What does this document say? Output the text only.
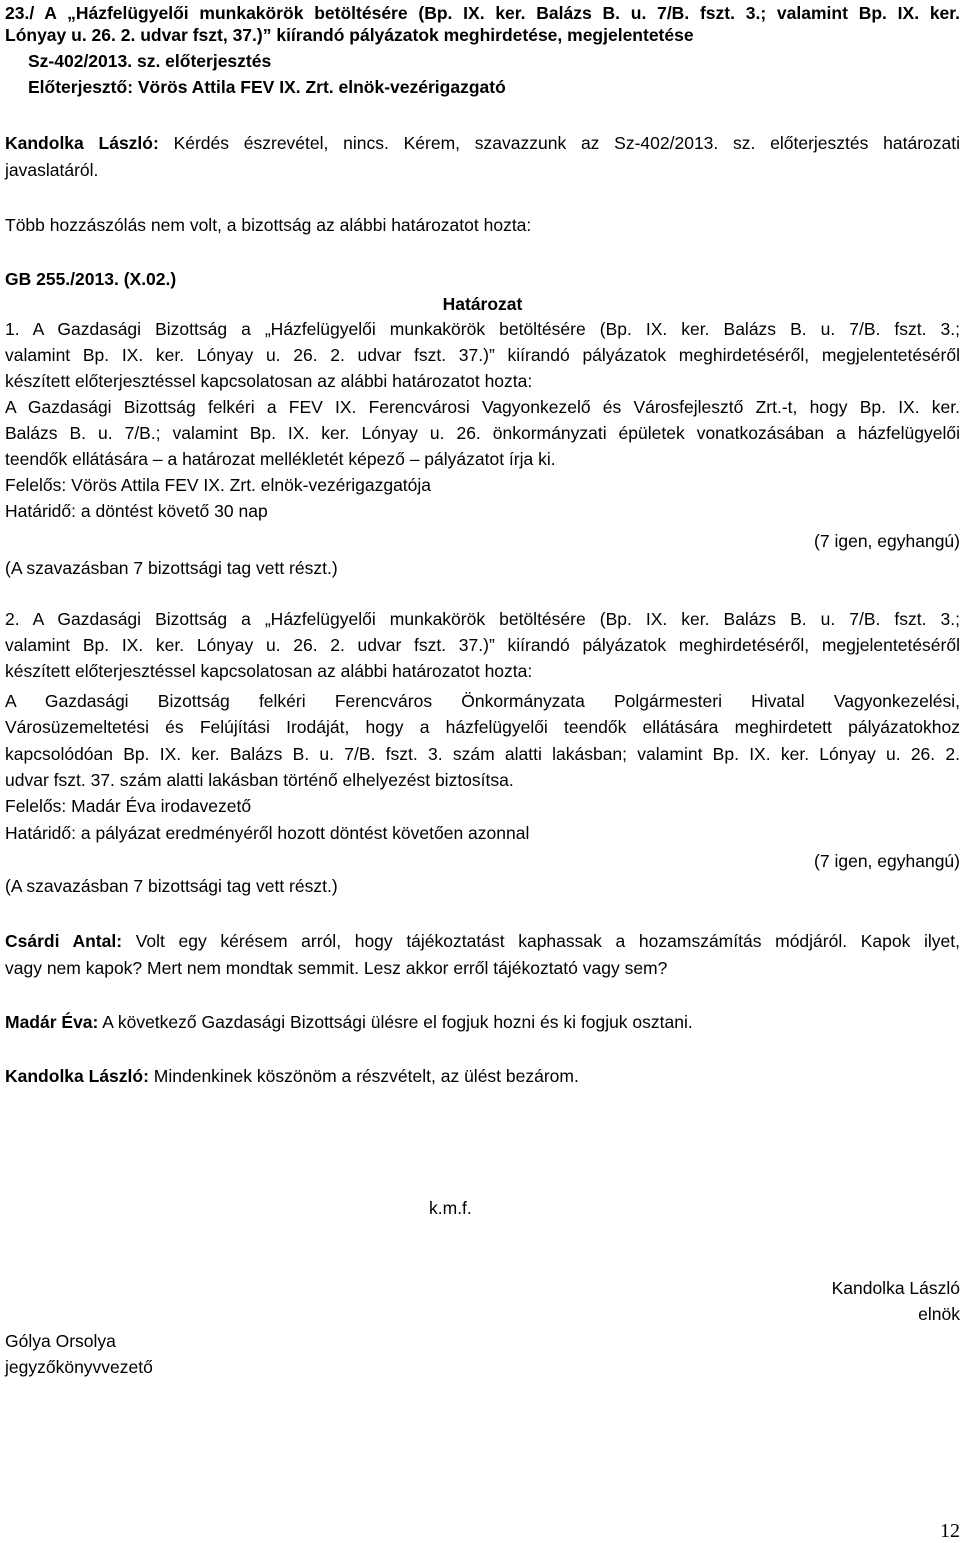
23./ A „Házfelügyelői munkakörök betöltésére (Bp. IX. ker. Balázs B. u. 7/B. fszt. 3.; valamint Bp. IX. ker.
Lónyay u. 26. 2. udvar fszt, 37.)” kiírandó pályázatok meghirdetése, megjelentetése
Sz-402/2013. sz. előterjesztés
Előterjesztő: Vörös Attila FEV IX. Zrt. elnök-vezérigazgató
Kandolka László: Kérdés észrevétel, nincs. Kérem, szavazzunk az Sz-402/2013. sz. előterjesztés határozati
javaslatáról.
Több hozzászólás nem volt, a bizottság az alábbi határozatot hozta:
GB 255./2013. (X.02.)
Határozat
1. A Gazdasági Bizottság a „Házfelügyelői munkakörök betöltésére (Bp. IX. ker. Balázs B. u. 7/B. fszt. 3.;
valamint Bp. IX. ker. Lónyay u. 26. 2. udvar fszt. 37.)” kiírandó pályázatok meghirdetéséről, megjelentetéséről
készített előterjesztéssel kapcsolatosan az alábbi határozatot hozta:
A Gazdasági Bizottság felkéri a FEV IX. Ferencvárosi Vagyonkezelő és Városfejlesztő Zrt.-t, hogy Bp. IX. ker.
Balázs B. u. 7/B.; valamint Bp. IX. ker. Lónyay u. 26. önkormányzati épületek vonatkozásában a házfelügyelői
teendők ellátására – a határozat mellékletét képező – pályázatot írja ki.
Felelős: Vörös Attila FEV IX. Zrt. elnök-vezérigazgatója
Határidő: a döntést követő 30 nap
(7 igen, egyhangú)
(A szavazásban 7 bizottsági tag vett részt.)
2. A Gazdasági Bizottság a „Házfelügyelői munkakörök betöltésére (Bp. IX. ker. Balázs B. u. 7/B. fszt. 3.;
valamint Bp. IX. ker. Lónyay u. 26. 2. udvar fszt. 37.)” kiírandó pályázatok meghirdetéséről, megjelentetéséről
készített előterjesztéssel kapcsolatosan az alábbi határozatot hozta:
A Gazdasági Bizottság felkéri Ferencváros Önkormányzata Polgármesteri Hivatal Vagyonkezelési,
Városüzemeltetési és Felújítási Irodáját, hogy a házfelügyelői teendők ellátására meghirdetett pályázatokhoz
kapcsolódóan Bp. IX. ker. Balázs B. u. 7/B. fszt. 3. szám alatti lakásban; valamint Bp. IX. ker. Lónyay u. 26. 2.
udvar fszt. 37. szám alatti lakásban történő elhelyezést biztosítsa.
Felelős: Madár Éva irodavezető
Határidő: a pályázat eredményéről hozott döntést követően azonnal
(7 igen, egyhangú)
(A szavazásban 7 bizottsági tag vett részt.)
Csárdi Antal: Volt egy kérésem arról, hogy tájékoztatást kaphassak a hozamszámítás módjáról. Kapok ilyet,
vagy nem kapok? Mert nem mondtak semmit. Lesz akkor erről tájékoztató vagy sem?
Madár Éva: A következő Gazdasági Bizottsági ülésre el fogjuk hozni és ki fogjuk osztani.
Kandolka László: Mindenkinek köszönöm a részvételt, az ülést bezárom.
k.m.f.
Kandolka László
elnök
Gólya Orsolya
jegyzőkönyvvezető
12
